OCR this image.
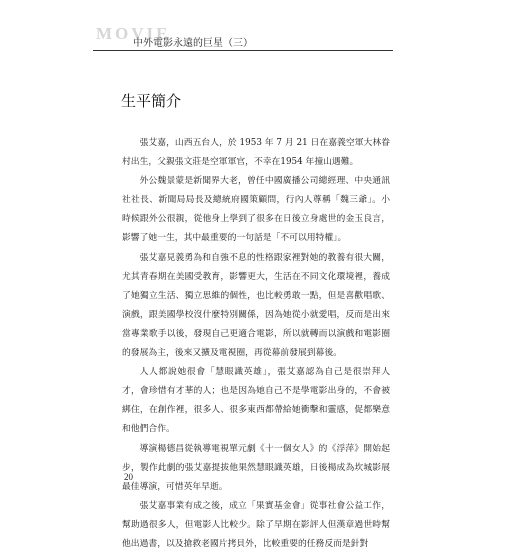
MOVIE
中外電影永遠的巨星（三）
生平簡介

張艾嘉，山西五台人，於 1953 年 7 月 21 日在嘉義空軍大林眷村出生，父親張文莊是空軍軍官，不幸在1954 年撞山遇難。

外公魏景蒙是新聞界大老，曾任中國廣播公司總經理、中央通訊社社長、新聞局局長及總統府國策顧問，行內人尊稱「魏三爺」。小時候跟外公很親，從他身上學到了很多在日後立身處世的金玉良言，影響了她一生，其中最重要的一句話是「不可以用特權」。

張艾嘉見義勇為和自強不息的性格跟家裡對她的教養有很大關，尤其青春期在美國受教育，影響更大，生活在不同文化環境裡，養成了她獨立生活、獨立思維的個性，也比較勇敢一點，但是喜歡唱歌、演戲，跟美國學校沒什麼特別關係，因為她從小就愛唱，反而是出來當專業歌手以後，發現自己更適合電影，所以就轉而以演戲和電影圈的發展為主，後來又擴及電視圈，再從幕前發展到幕後。

人人都說她很會「慧眼識英雄」，張艾嘉認為自己是很崇拜人才，會珍惜有才華的人；也是因為她自己不是學電影出身的，不會被綁住，在創作裡，很多人、很多東西都帶給她衝擊和靈感，促都樂意和他們合作。

導演楊德昌從執導電視單元劇《十一個女人》的《浮萍》開始起步，製作此劇的張艾嘉提拔他果然慧眼識英雄，日後楊成為坎城影展最佳導演，可惜英年早逝。

張艾嘉事業有成之後，成立「果實基金會」從事社會公益工作，幫助過很多人，但電影人比較少。除了早期在影評人但漢章過世時幫他出過書，以及搶救老國片拷貝外，比較重要的任務反而是針對

20
